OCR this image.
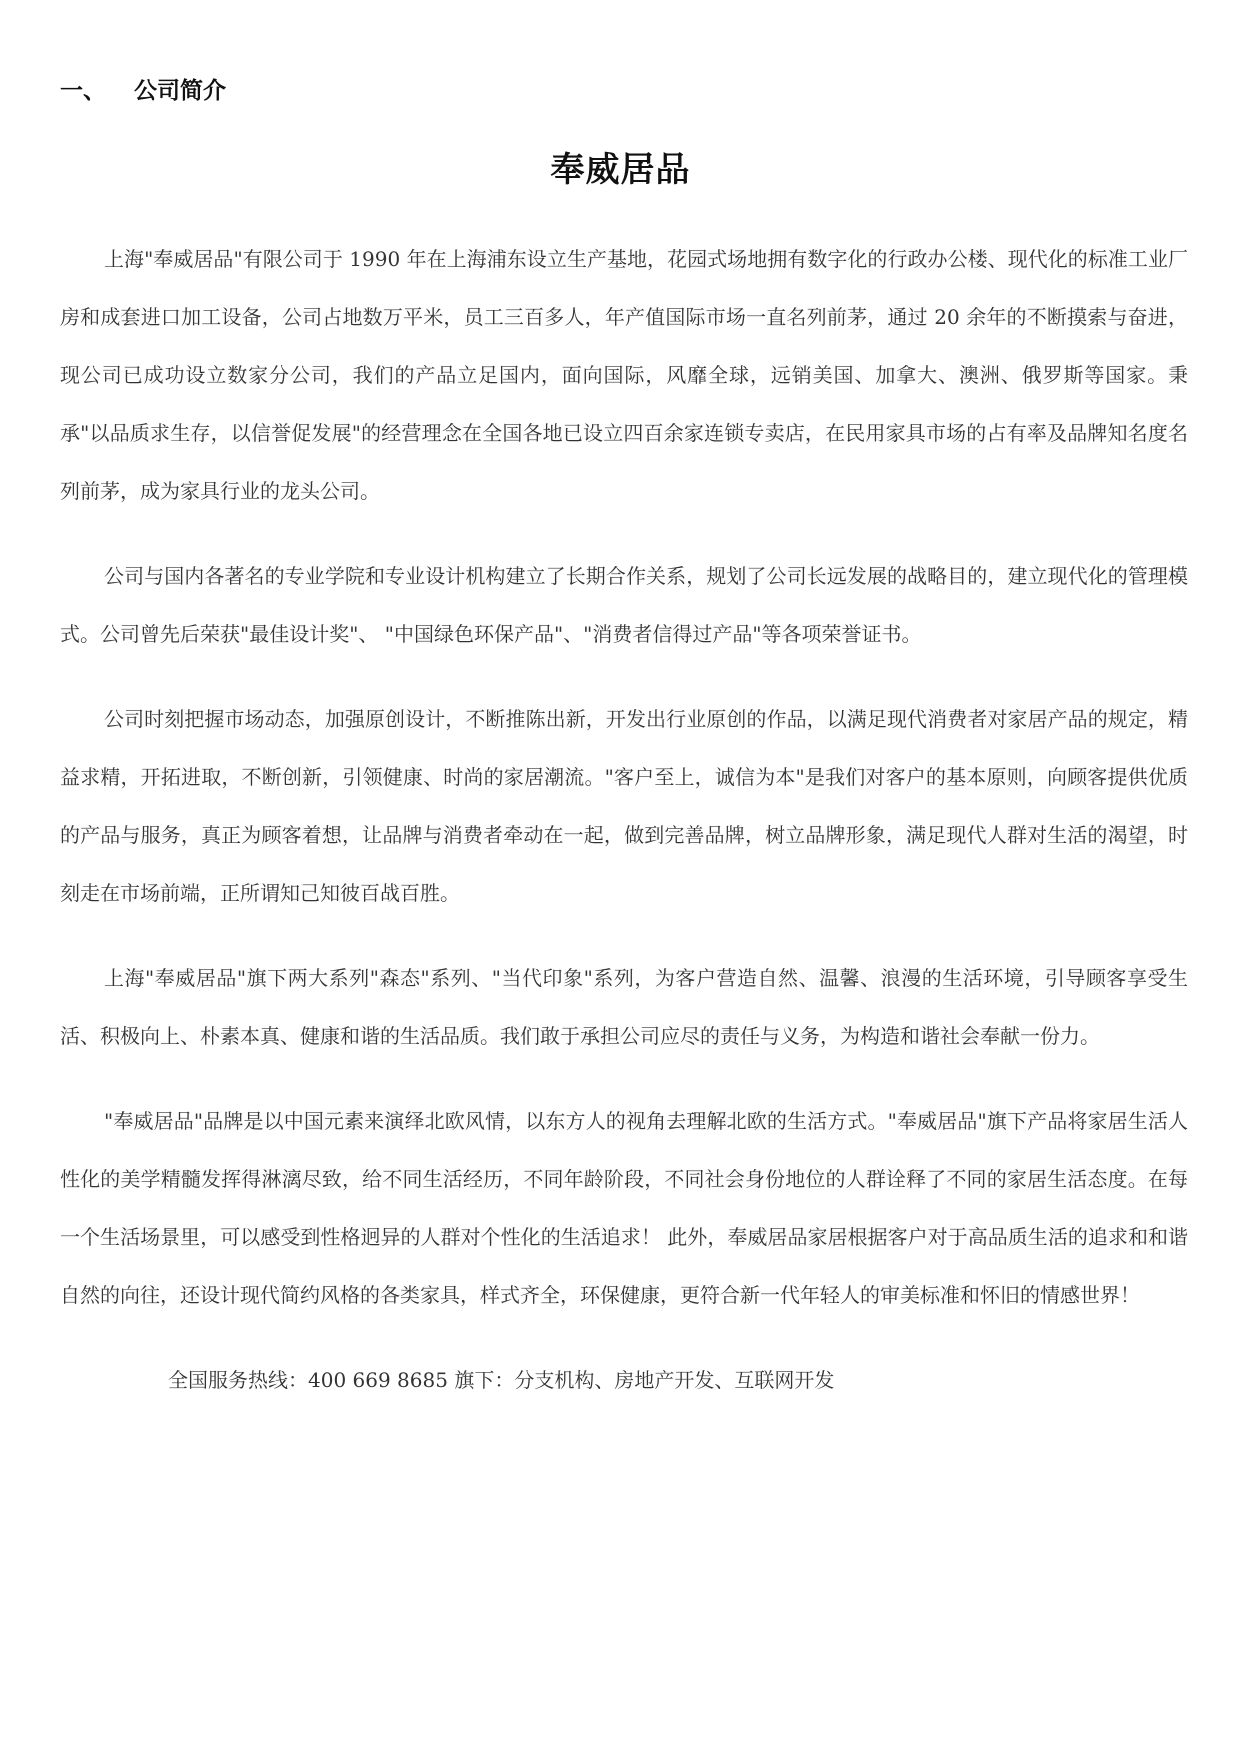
一、 公司简介
奉威居品

上海"奉威居品"有限公司于 1990 年在上海浦东设立生产基地，花园式场地拥有数字化的行政办公楼、现代化的标准工业厂房和成套进口加工设备，公司占地数万平米，员工三百多人，年产值国际市场一直名列前茅，通过 20 余年的不断摸索与奋进，现公司已成功设立数家分公司，我们的产品立足国内，面向国际，风靡全球，远销美国、加拿大、澳洲、俄罗斯等国家。秉承"以品质求生存，以信誉促发展"的经营理念在全国各地已设立四百余家连锁专卖店，在民用家具市场的占有率及品牌知名度名列前茅，成为家具行业的龙头公司。

公司与国内各著名的专业学院和专业设计机构建立了长期合作关系，规划了公司长远发展的战略目的，建立现代化的管理模式。公司曾先后荣获"最佳设计奖"、 "中国绿色环保产品"、"消费者信得过产品"等各项荣誉证书。

公司时刻把握市场动态，加强原创设计，不断推陈出新，开发出行业原创的作品，以满足现代消费者对家居产品的规定，精益求精，开拓进取，不断创新，引领健康、时尚的家居潮流。"客户至上，诚信为本"是我们对客户的基本原则，向顾客提供优质的产品与服务，真正为顾客着想，让品牌与消费者牵动在一起，做到完善品牌，树立品牌形象，满足现代人群对生活的渴望，时刻走在市场前端，正所谓知己知彼百战百胜。

上海"奉威居品"旗下两大系列"森态"系列、"当代印象"系列，为客户营造自然、温馨、浪漫的生活环境，引导顾客享受生活、积极向上、朴素本真、健康和谐的生活品质。我们敢于承担公司应尽的责任与义务，为构造和谐社会奉献一份力。

"奉威居品"品牌是以中国元素来演绎北欧风情，以东方人的视角去理解北欧的生活方式。"奉威居品"旗下产品将家居生活人性化的美学精髓发挥得淋漓尽致，给不同生活经历，不同年龄阶段，不同社会身份地位的人群诠释了不同的家居生活态度。在每一个生活场景里，可以感受到性格迥异的人群对个性化的生活追求！ 此外，奉威居品家居根据客户对于高品质生活的追求和和谐自然的向往，还设计现代简约风格的各类家具，样式齐全，环保健康，更符合新一代年轻人的审美标准和怀旧的情感世界！

全国服务热线：400 669 8685 旗下：分支机构、房地产开发、互联网开发
